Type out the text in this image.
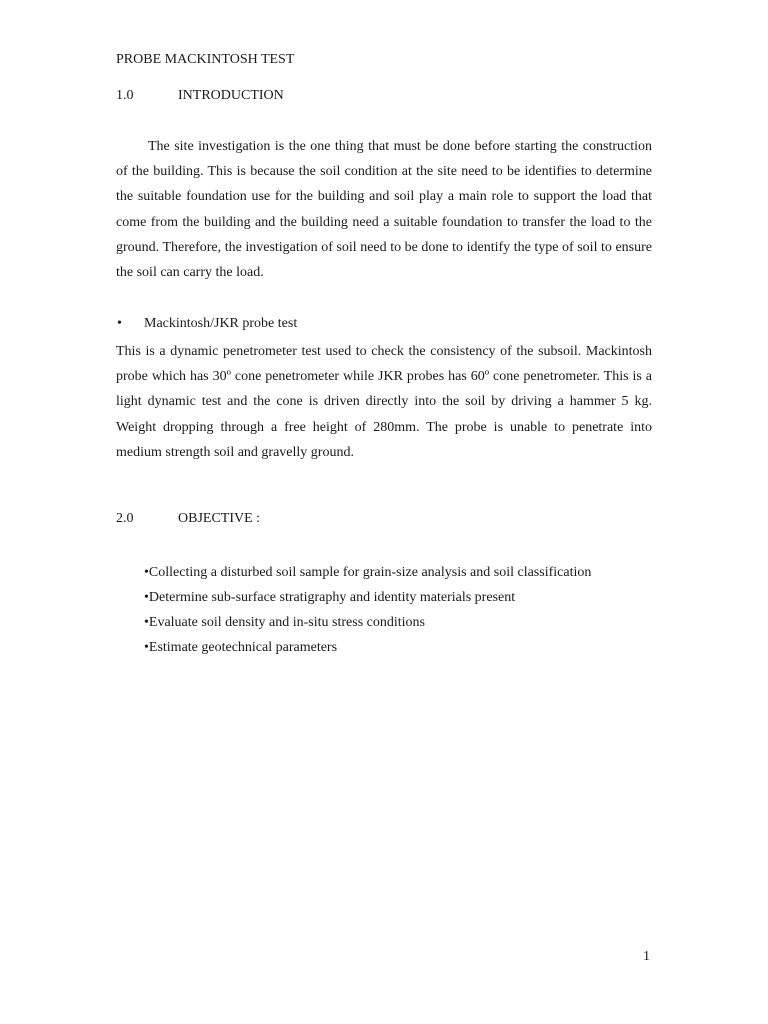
PROBE MACKINTOSH TEST
1.0	INTRODUCTION

The site investigation is the one thing that must be done before starting the construction of the building. This is because the soil condition at the site need to be identifies to determine the suitable foundation use for the building and soil play a main role to support the load that come from the building and the building need a suitable foundation to transfer the load to the ground. Therefore, the investigation of soil need to be done to identify the type of soil to ensure the soil can carry the load.

• Mackintosh/JKR probe test

This is a dynamic penetrometer test used to check the consistency of the subsoil. Mackintosh probe which has 30º cone penetrometer while JKR probes has 60º cone penetrometer. This is a light dynamic test and the cone is driven directly into the soil by driving a hammer 5 kg. Weight dropping through a free height of 280mm. The probe is unable to penetrate into medium strength soil and gravelly ground.

2.0	OBJECTIVE :
•Collecting a disturbed soil sample for grain-size analysis and soil classification
•Determine sub-surface stratigraphy and identity materials present
•Evaluate soil density and in-situ stress conditions
•Estimate geotechnical parameters
1
